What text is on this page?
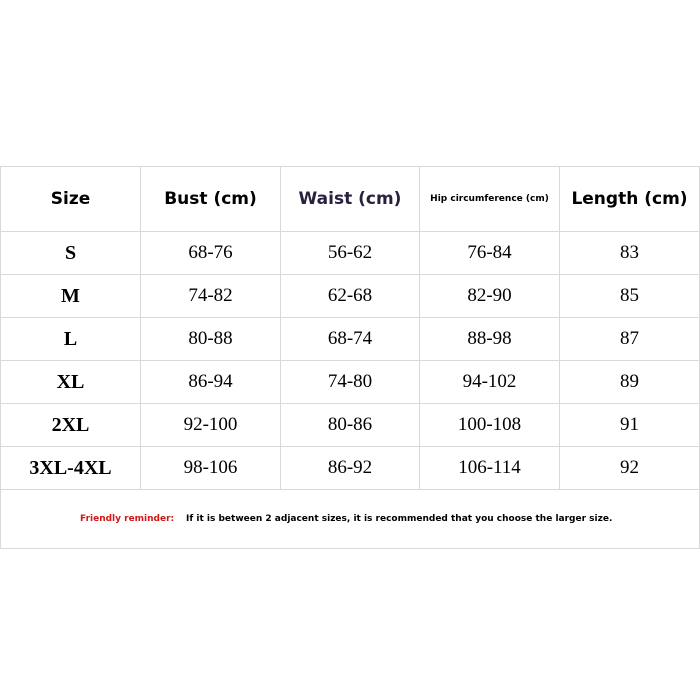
Size	Bust (cm)	Waist (cm)	Hip circumference (cm)	Length (cm)
S	68-76	56-62	76-84	83
M	74-82	62-68	82-90	85
L	80-88	68-74	88-98	87
XL	86-94	74-80	94-102	89
2XL	92-100	80-86	100-108	91
3XL-4XL	98-106	86-92	106-114	92
Friendly reminder: If it is between 2 adjacent sizes, it is recommended that you choose the larger size.				
